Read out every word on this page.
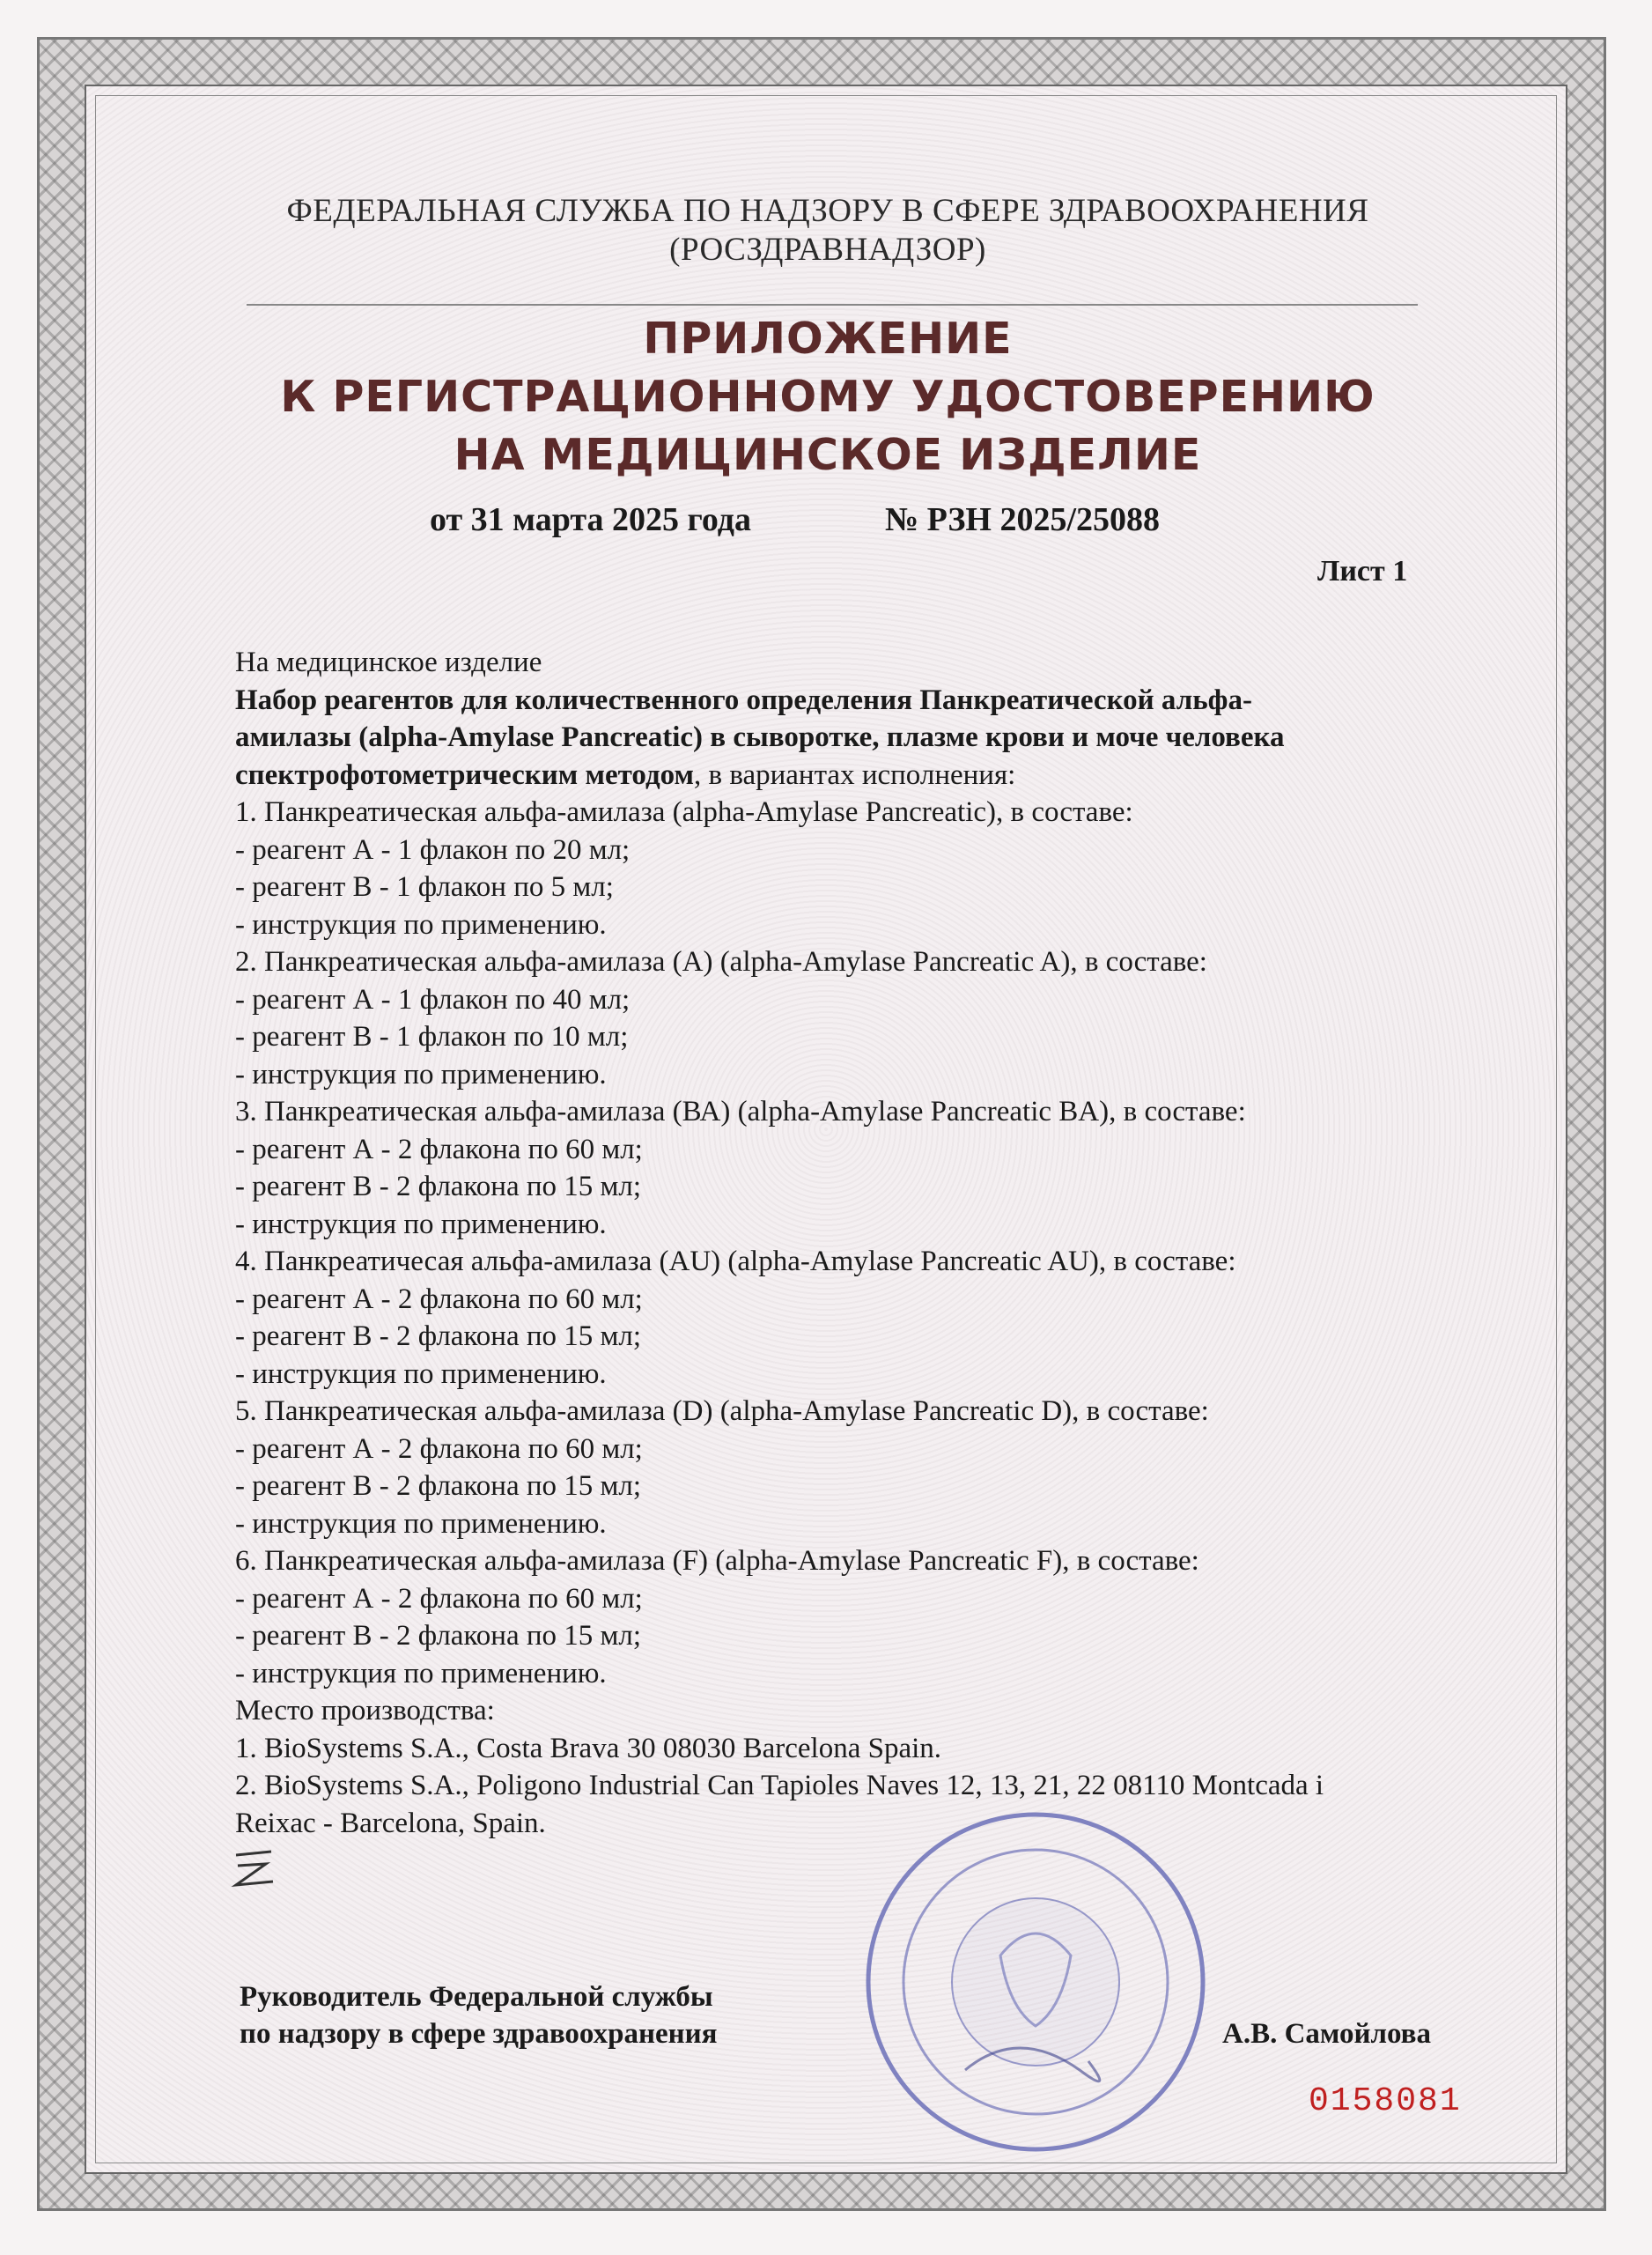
ФЕДЕРАЛЬНАЯ СЛУЖБА ПО НАДЗОРУ В СФЕРЕ ЗДРАВООХРАНЕНИЯ
(РОСЗДРАВНАДЗОР)
ПРИЛОЖЕНИЕ
К РЕГИСТРАЦИОННОМУ УДОСТОВЕРЕНИЮ
НА МЕДИЦИНСКОЕ ИЗДЕЛИЕ
от 31 марта 2025 года	№ РЗН 2025/25088
Лист 1
На медицинское изделие
Набор реагентов для количественного определения Панкреатической альфа-
амилазы (alpha-Amylase Pancreatic) в сыворотке, плазме крови и моче человека
спектрофотометрическим методом, в вариантах исполнения:
1. Панкреатическая альфа-амилаза (alpha-Amylase Pancreatic), в составе:
- реагент А - 1 флакон по 20 мл;
- реагент В - 1 флакон по 5 мл;
- инструкция по применению.
2. Панкреатическая альфа-амилаза (А) (alpha-Amylase Pancreatic A), в составе:
- реагент А - 1 флакон по 40 мл;
- реагент В - 1 флакон по 10 мл;
- инструкция по применению.
3. Панкреатическая альфа-амилаза (ВА) (alpha-Amylase Pancreatic BA), в составе:
- реагент А - 2 флакона по 60 мл;
- реагент В - 2 флакона по 15 мл;
- инструкция по применению.
4. Панкреатичесая альфа-амилаза (AU) (alpha-Amylase Pancreatic AU), в составе:
- реагент А - 2 флакона по 60 мл;
- реагент В - 2 флакона по 15 мл;
- инструкция по применению.
5. Панкреатическая альфа-амилаза (D) (alpha-Amylase Pancreatic D), в составе:
- реагент А - 2 флакона по 60 мл;
- реагент В - 2 флакона по 15 мл;
- инструкция по применению.
6. Панкреатическая альфа-амилаза (F) (alpha-Amylase Pancreatic F), в составе:
- реагент А - 2 флакона по 60 мл;
- реагент В - 2 флакона по 15 мл;
- инструкция по применению.
Место производства:
1. BioSystems S.A., Costa Brava 30 08030 Barcelona Spain.
2. BioSystems S.A., Poligono Industrial Can Tapioles Naves 12, 13, 21, 22 08110 Montcada i
Reixac - Barcelona, Spain.
Руководитель Федеральной службы
по надзору в сфере здравоохранения	А.В. Самойлова
0158081
